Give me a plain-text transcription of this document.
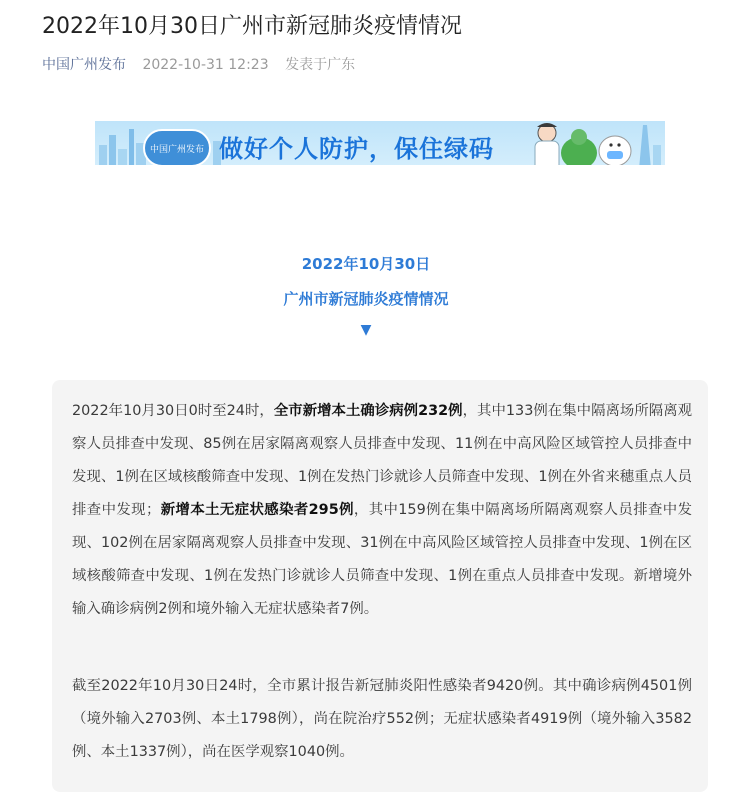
2022年10月30日广州市新冠肺炎疫情情况
中国广州发布 2022-10-31 12:23 发表于广东
中国广州发布 做好个人防护，保住绿码
2022年10月30日
广州市新冠肺炎疫情情况
▼

2022年10月30日0时至24时，全市新增本土确诊病例232例，其中133例在集中隔离场所隔离观察人员排查中发现、85例在居家隔离观察人员排查中发现、11例在中高风险区域管控人员排查中发现、1例在区域核酸筛查中发现、1例在发热门诊就诊人员筛查中发现、1例在外省来穗重点人员排查中发现；新增本土无症状感染者295例，其中159例在集中隔离场所隔离观察人员排查中发现、102例在居家隔离观察人员排查中发现、31例在中高风险区域管控人员排查中发现、1例在区域核酸筛查中发现、1例在发热门诊就诊人员筛查中发现、1例在重点人员排查中发现。新增境外输入确诊病例2例和境外输入无症状感染者7例。

截至2022年10月30日24时，全市累计报告新冠肺炎阳性感染者9420例。其中确诊病例4501例（境外输入2703例、本土1798例），尚在院治疗552例；无症状感染者4919例（境外输入3582例、本土1337例），尚在医学观察1040例。
